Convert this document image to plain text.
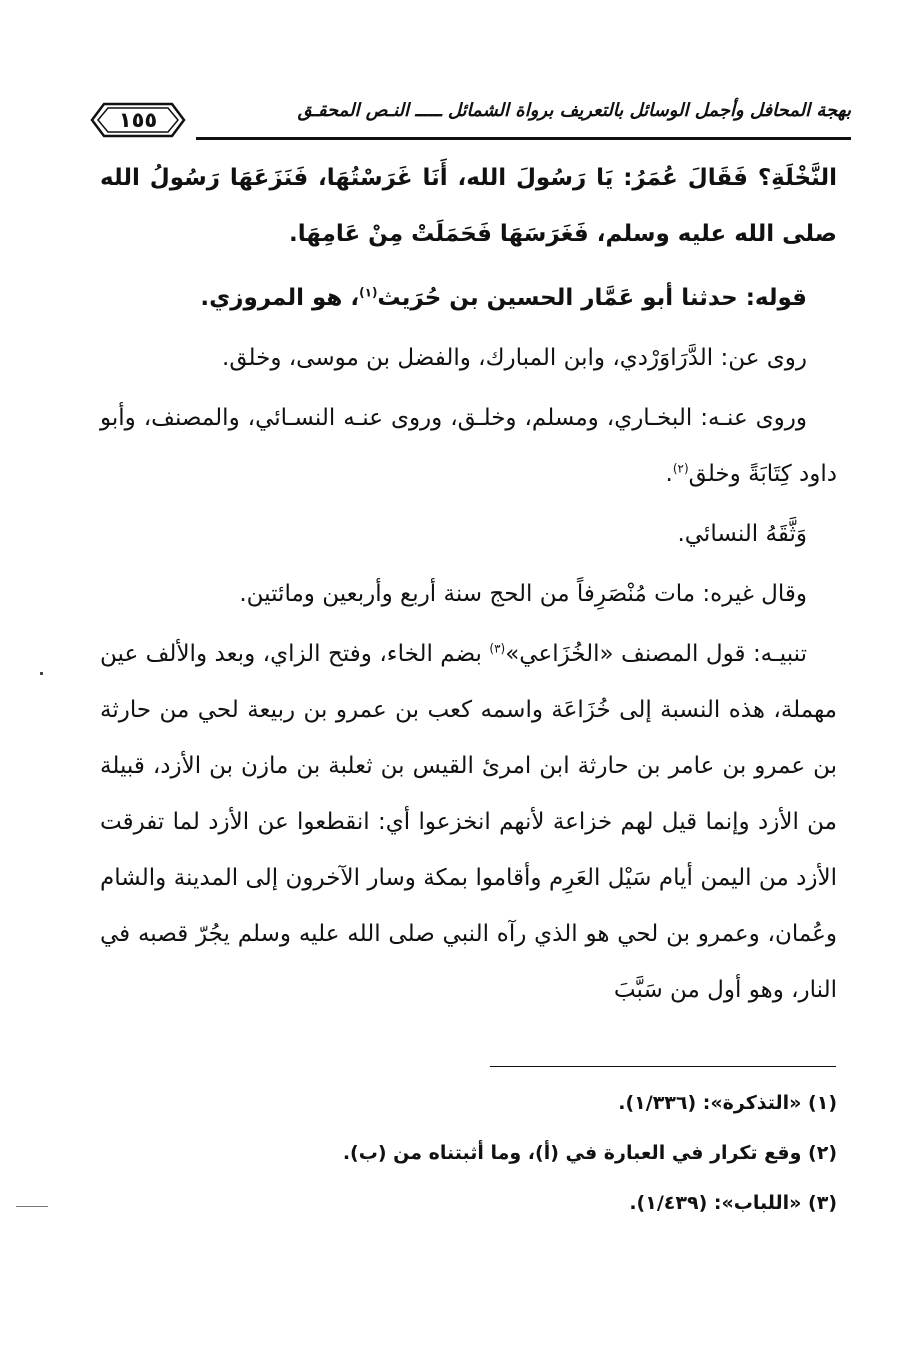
١٥٥	بهجة المحافل وأجمل الوسائل بالتعريف برواة الشمائل ـــــ النـص المحقـق

النَّخْلَةِ؟ فَقَالَ عُمَرُ: يَا رَسُولَ الله، أَنَا غَرَسْتُهَا، فَنَزَعَهَا رَسُولُ الله صلى الله عليه وسلم، فَغَرَسَهَا فَحَمَلَتْ مِنْ عَامِهَا.

قوله: حدثنا أبو عَمَّار الحسين بن حُرَيث$^{(١)}$، هو المروزي.

روى عن: الدَّرَاوَرْدي، وابن المبارك، والفضل بن موسى، وخلق.

وروى عنـه: البخـاري، ومسلم، وخلـق، وروى عنـه النسـائي، والمصنف، وأبو داود كِتَابَةً وخلق$^{(٢)}$.

وَثَّقَهُ النسائي.

وقال غيره: مات مُنْصَرِفاً من الحج سنة أربع وأربعين ومائتين.

تنبيـه: قول المصنف «الخُزَاعي»$^{(٣)}$ بضم الخاء، وفتح الزاي، وبعد والألف عين مهملة، هذه النسبة إلى خُزَاعَة واسمه كعب بن عمرو بن ربيعة لحي من حارثة بن عمرو بن عامر بن حارثة ابن امرئ القيس بن ثعلبة بن مازن بن الأزد، قبيلة من الأزد وإنما قيل لهم خزاعة لأنهم انخزعوا أي: انقطعوا عن الأزد لما تفرقت الأزد من اليمن أيام سَيْل العَرِم وأقاموا بمكة وسار الآخرون إلى المدينة والشام وعُمان، وعمرو بن لحي هو الذي رآه النبي صلى الله عليه وسلم يجُرّ قصبه في النار، وهو أول من سَبَّبَ

(١) «التذكرة»: (١/٣٣٦).

(٢) وقع تكرار في العبارة في (أ)، وما أثبتناه من (ب).

(٣) «اللباب»: (١/٤٣٩).
